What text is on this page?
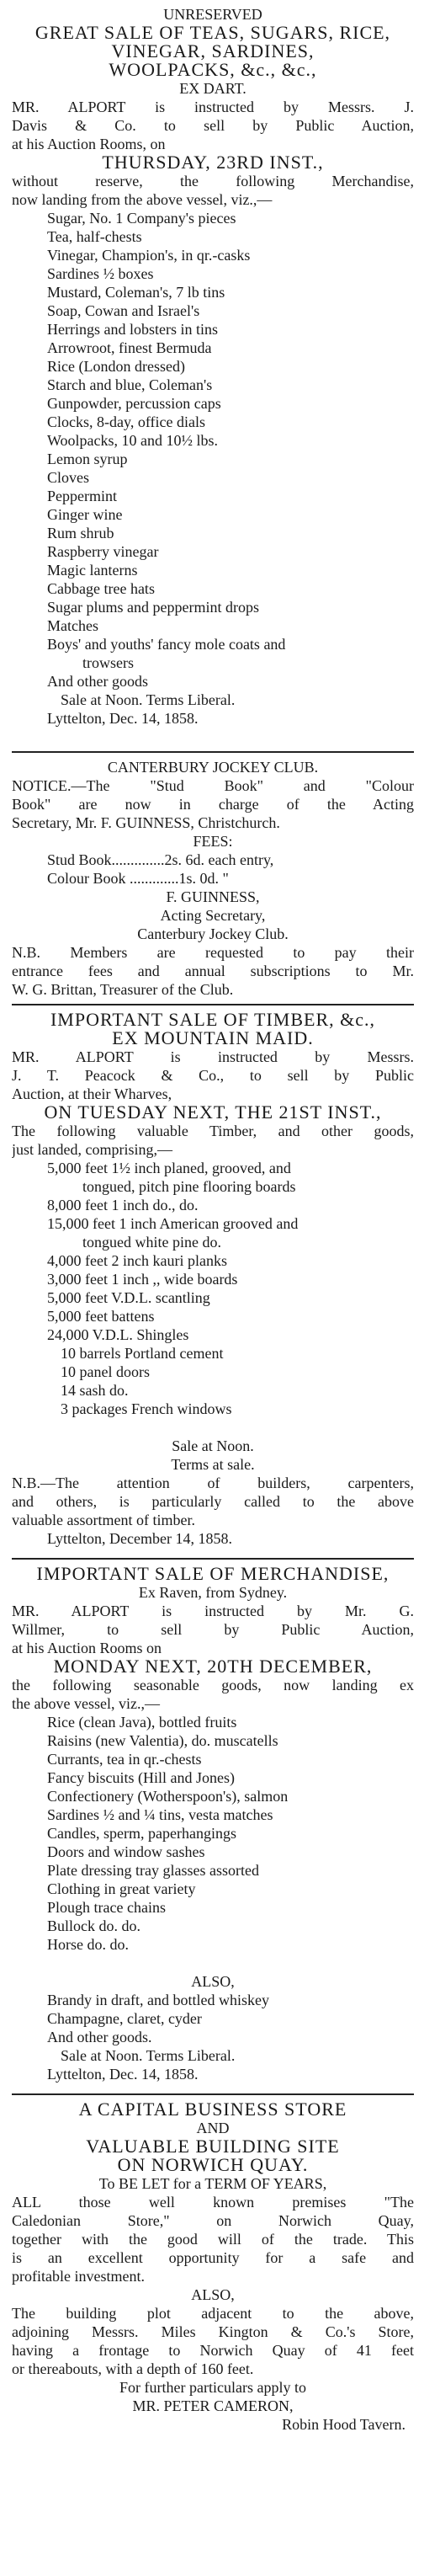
UNRESERVED
GREAT SALE OF TEAS, SUGARS, RICE,
VINEGAR, SARDINES,
WOOLPACKS, &c., &c.,
EX DART.
MR. ALPORT is instructed by Messrs. J.
Davis & Co. to sell by Public Auction,
at his Auction Rooms, on
THURSDAY, 23RD INST.,
without reserve, the following Merchandise,
now landing from the above vessel, viz.,—
Sugar, No. 1 Company's pieces
Tea, half-chests
Vinegar, Champion's, in qr.-casks
Sardines ½ boxes
Mustard, Coleman's, 7 lb tins
Soap, Cowan and Israel's
Herrings and lobsters in tins
Arrowroot, finest Bermuda
Rice (London dressed)
Starch and blue, Coleman's
Gunpowder, percussion caps
Clocks, 8-day, office dials
Woolpacks, 10 and 10½ lbs.
Lemon syrup
Cloves
Peppermint
Ginger wine
Rum shrub
Raspberry vinegar
Magic lanterns
Cabbage tree hats
Sugar plums and peppermint drops
Matches
Boys' and youths' fancy mole coats and
trowsers
And other goods
Sale at Noon. Terms Liberal.
Lyttelton, Dec. 14, 1858.
CANTERBURY JOCKEY CLUB.
NOTICE.—The "Stud Book" and "Colour
Book" are now in charge of the Acting
Secretary, Mr. F. GUINNESS, Christchurch.
FEES:
Stud Book..............2s. 6d. each entry,
Colour Book .............1s. 0d. "
F. GUINNESS,
Acting Secretary,
Canterbury Jockey Club.
N.B. Members are requested to pay their
entrance fees and annual subscriptions to Mr.
W. G. Brittan, Treasurer of the Club.
IMPORTANT SALE OF TIMBER, &c.,
EX MOUNTAIN MAID.
MR. ALPORT is instructed by Messrs.
J. T. Peacock & Co., to sell by Public
Auction, at their Wharves,
ON TUESDAY NEXT, THE 21ST INST.,
The following valuable Timber, and other goods,
just landed, comprising,—
5,000 feet 1½ inch planed, grooved, and
tongued, pitch pine flooring boards
8,000 feet 1 inch do., do.
15,000 feet 1 inch American grooved and
tongued white pine do.
4,000 feet 2 inch kauri planks
3,000 feet 1 inch ,, wide boards
5,000 feet V.D.L. scantling
5,000 feet battens
24,000 V.D.L. Shingles
10 barrels Portland cement
10 panel doors
14 sash do.
3 packages French windows
Sale at Noon.
Terms at sale.
N.B.—The attention of builders, carpenters,
and others, is particularly called to the above
valuable assortment of timber.
Lyttelton, December 14, 1858.
IMPORTANT SALE OF MERCHANDISE,
Ex Raven, from Sydney.
MR. ALPORT is instructed by Mr. G.
Willmer, to sell by Public Auction,
at his Auction Rooms on
MONDAY NEXT, 20TH DECEMBER,
the following seasonable goods, now landing ex
the above vessel, viz.,—
Rice (clean Java), bottled fruits
Raisins (new Valentia), do. muscatells
Currants, tea in qr.-chests
Fancy biscuits (Hill and Jones)
Confectionery (Wotherspoon's), salmon
Sardines ½ and ¼ tins, vesta matches
Candles, sperm, paperhangings
Doors and window sashes
Plate dressing tray glasses assorted
Clothing in great variety
Plough trace chains
Bullock do. do.
Horse do. do.
ALSO,
Brandy in draft, and bottled whiskey
Champagne, claret, cyder
And other goods.
Sale at Noon. Terms Liberal.
Lyttelton, Dec. 14, 1858.
A CAPITAL BUSINESS STORE
AND
VALUABLE BUILDING SITE
ON NORWICH QUAY.
To BE LET for a TERM OF YEARS,
ALL those well known premises "The
Caledonian Store," on Norwich Quay,
together with the good will of the trade. This
is an excellent opportunity for a safe and
profitable investment.
ALSO,
The building plot adjacent to the above,
adjoining Messrs. Miles Kington & Co.'s Store,
having a frontage to Norwich Quay of 41 feet
or thereabouts, with a depth of 160 feet.
For further particulars apply to
MR. PETER CAMERON,
Robin Hood Tavern.
